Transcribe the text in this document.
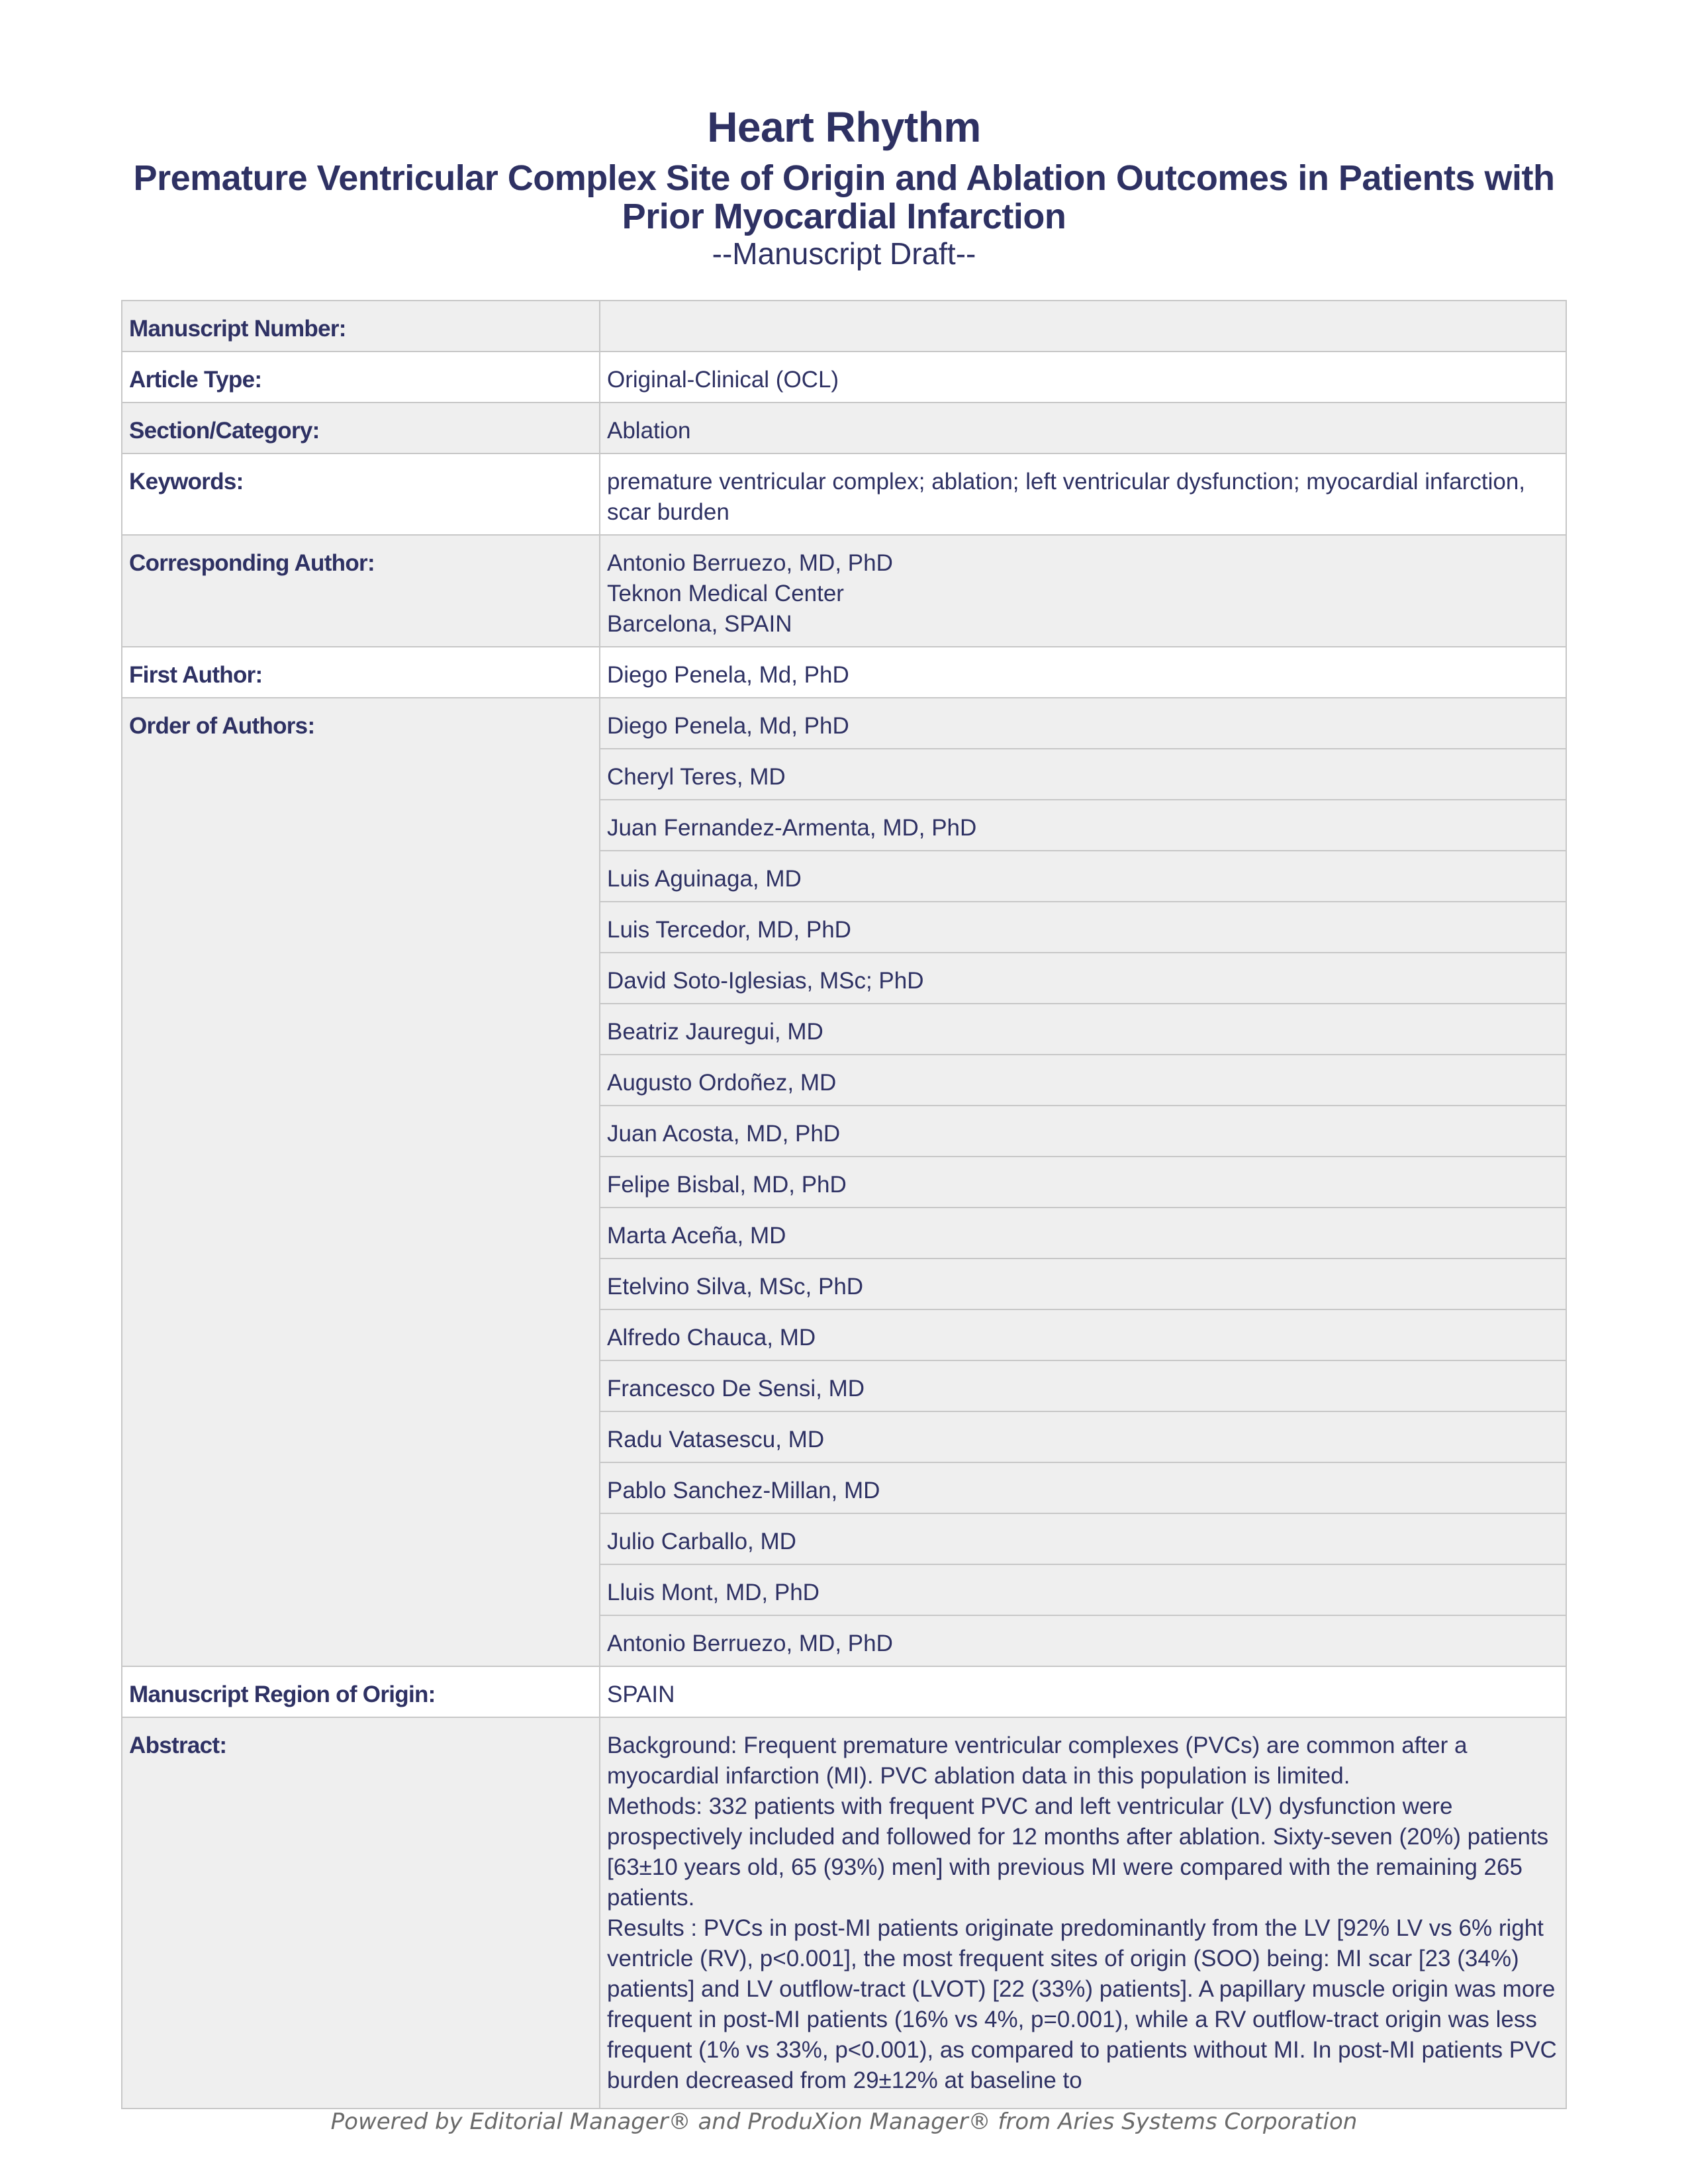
Heart Rhythm
Premature Ventricular Complex Site of Origin and Ablation Outcomes in Patients with Prior Myocardial Infarction
--Manuscript Draft--
Manuscript Number:	
Article Type:	Original-Clinical (OCL)
Section/Category:	Ablation
Keywords:	premature ventricular complex; ablation; left ventricular dysfunction; myocardial infarction, scar burden
Corresponding Author:	Antonio Berruezo, MD, PhD
Teknon Medical Center
Barcelona, SPAIN

First Author:	Diego Penela, Md, PhD
Order of Authors:	Diego Penela, Md, PhD
	Cheryl Teres, MD
	Juan Fernandez-Armenta, MD, PhD
	Luis Aguinaga, MD
	Luis Tercedor, MD, PhD
	David Soto-Iglesias, MSc; PhD
	Beatriz Jauregui, MD
	Augusto Ordoñez, MD
	Juan Acosta, MD, PhD
	Felipe Bisbal, MD, PhD
	Marta Aceña, MD
	Etelvino Silva, MSc, PhD
	Alfredo Chauca, MD
	Francesco De Sensi, MD
	Radu Vatasescu, MD
	Pablo Sanchez-Millan, MD
	Julio Carballo, MD
	Lluis Mont, MD, PhD
	Antonio Berruezo, MD, PhD
Manuscript Region of Origin:	SPAIN
Abstract:	Background: Frequent premature ventricular complexes (PVCs) are common after a myocardial infarction (MI). PVC ablation data in this population is limited.
Methods: 332 patients with frequent PVC and left ventricular (LV) dysfunction were prospectively included and followed for 12 months after ablation. Sixty-seven (20%) patients [63±10 years old, 65 (93%) men] with previous MI were compared with the remaining 265 patients.
Results : PVCs in post-MI patients originate predominantly from the LV [92% LV vs 6% right ventricle (RV), p<0.001], the most frequent sites of origin (SOO) being: MI scar [23 (34%) patients] and LV outflow-tract (LVOT) [22 (33%) patients]. A papillary muscle origin was more frequent in post-MI patients (16% vs 4%, p=0.001), while a RV outflow-tract origin was less frequent (1% vs 33%, p<0.001), as compared to patients without MI. In post-MI patients PVC burden decreased from 29±12% at baseline to
Powered by Editorial Manager® and ProduXion Manager® from Aries Systems Corporation
